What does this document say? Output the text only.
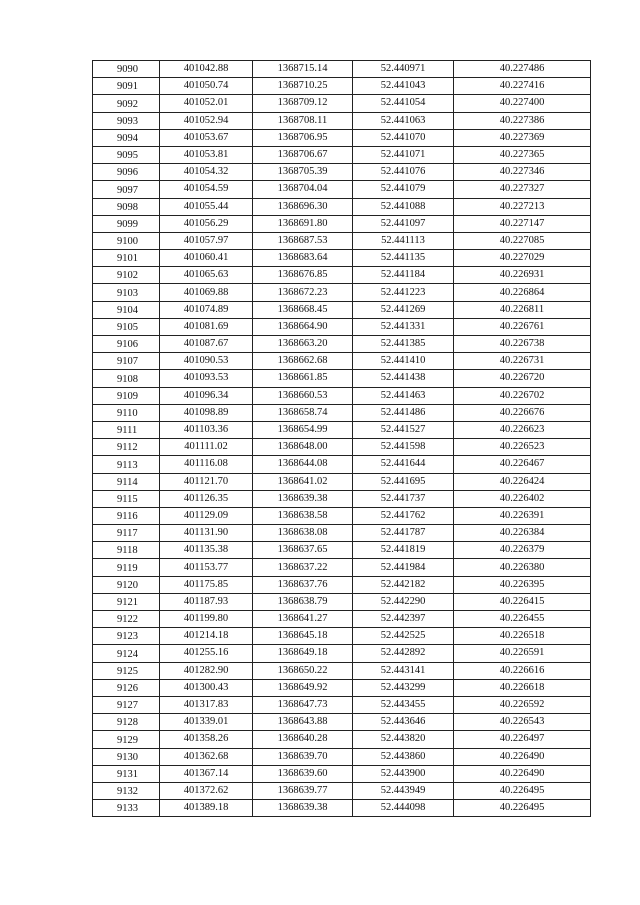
9090	401042.88	1368715.14	52.440971	40.227486
9091	401050.74	1368710.25	52.441043	40.227416
9092	401052.01	1368709.12	52.441054	40.227400
9093	401052.94	1368708.11	52.441063	40.227386
9094	401053.67	1368706.95	52.441070	40.227369
9095	401053.81	1368706.67	52.441071	40.227365
9096	401054.32	1368705.39	52.441076	40.227346
9097	401054.59	1368704.04	52.441079	40.227327
9098	401055.44	1368696.30	52.441088	40.227213
9099	401056.29	1368691.80	52.441097	40.227147
9100	401057.97	1368687.53	52.441113	40.227085
9101	401060.41	1368683.64	52.441135	40.227029
9102	401065.63	1368676.85	52.441184	40.226931
9103	401069.88	1368672.23	52.441223	40.226864
9104	401074.89	1368668.45	52.441269	40.226811
9105	401081.69	1368664.90	52.441331	40.226761
9106	401087.67	1368663.20	52.441385	40.226738
9107	401090.53	1368662.68	52.441410	40.226731
9108	401093.53	1368661.85	52.441438	40.226720
9109	401096.34	1368660.53	52.441463	40.226702
9110	401098.89	1368658.74	52.441486	40.226676
9111	401103.36	1368654.99	52.441527	40.226623
9112	401111.02	1368648.00	52.441598	40.226523
9113	401116.08	1368644.08	52.441644	40.226467
9114	401121.70	1368641.02	52.441695	40.226424
9115	401126.35	1368639.38	52.441737	40.226402
9116	401129.09	1368638.58	52.441762	40.226391
9117	401131.90	1368638.08	52.441787	40.226384
9118	401135.38	1368637.65	52.441819	40.226379
9119	401153.77	1368637.22	52.441984	40.226380
9120	401175.85	1368637.76	52.442182	40.226395
9121	401187.93	1368638.79	52.442290	40.226415
9122	401199.80	1368641.27	52.442397	40.226455
9123	401214.18	1368645.18	52.442525	40.226518
9124	401255.16	1368649.18	52.442892	40.226591
9125	401282.90	1368650.22	52.443141	40.226616
9126	401300.43	1368649.92	52.443299	40.226618
9127	401317.83	1368647.73	52.443455	40.226592
9128	401339.01	1368643.88	52.443646	40.226543
9129	401358.26	1368640.28	52.443820	40.226497
9130	401362.68	1368639.70	52.443860	40.226490
9131	401367.14	1368639.60	52.443900	40.226490
9132	401372.62	1368639.77	52.443949	40.226495
9133	401389.18	1368639.38	52.444098	40.226495
